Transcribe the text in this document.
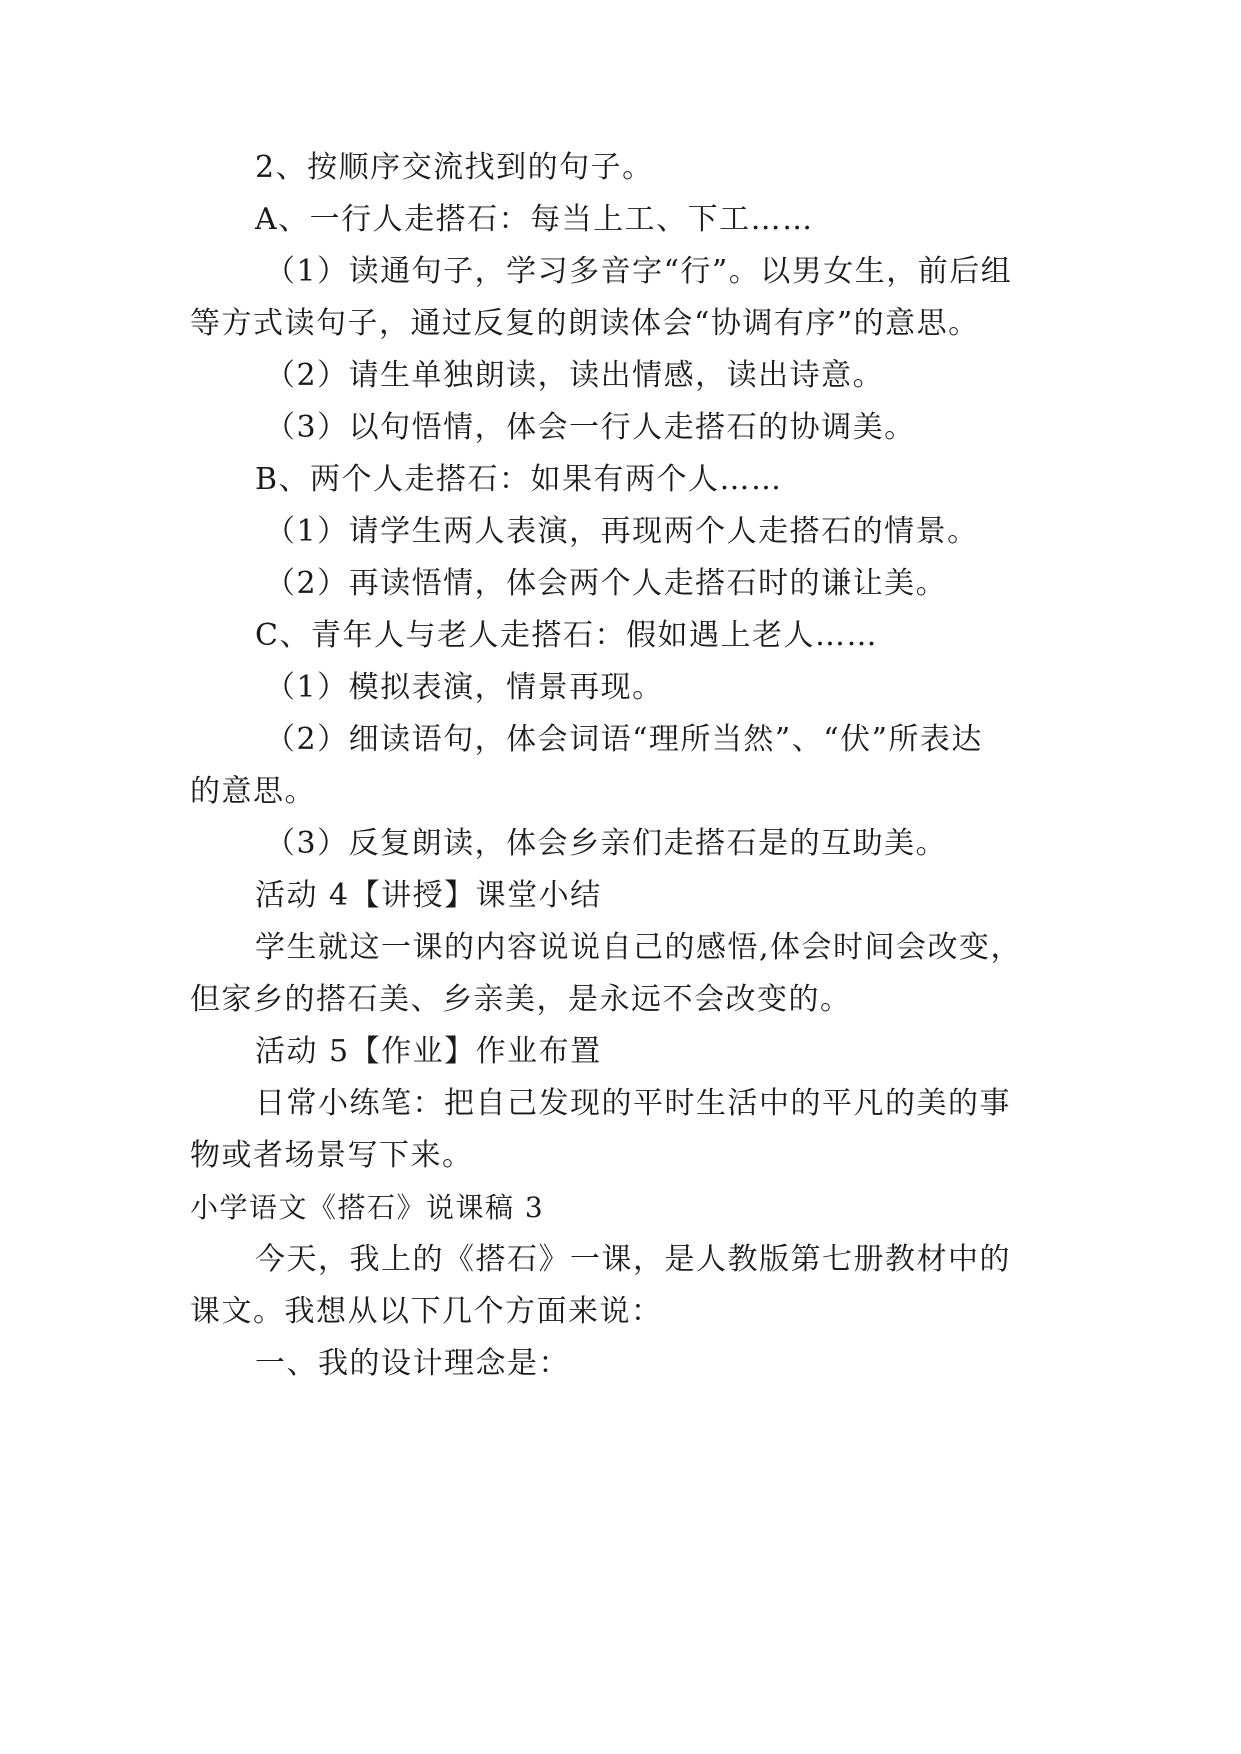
2、按顺序交流找到的句子。
A、一行人走搭石：每当上工、下工……
（1）读通句子，学习多音字“行”。以男女生，前后组
等方式读句子，通过反复的朗读体会“协调有序”的意思。
（2）请生单独朗读，读出情感，读出诗意。
（3）以句悟情，体会一行人走搭石的协调美。
B、两个人走搭石：如果有两个人……
（1）请学生两人表演，再现两个人走搭石的情景。
（2）再读悟情，体会两个人走搭石时的谦让美。
C、青年人与老人走搭石：假如遇上老人……
（1）模拟表演，情景再现。
（2）细读语句，体会词语“理所当然”、“伏”所表达
的意思。
（3）反复朗读，体会乡亲们走搭石是的互助美。
活动 4【讲授】课堂小结
学生就这一课的内容说说自己的感悟,体会时间会改变，
但家乡的搭石美、乡亲美，是永远不会改变的。
活动 5【作业】作业布置
日常小练笔：把自己发现的平时生活中的平凡的美的事
物或者场景写下来。
小学语文《搭石》说课稿 3
今天，我上的《搭石》一课，是人教版第七册教材中的
课文。我想从以下几个方面来说：
一、我的设计理念是：
